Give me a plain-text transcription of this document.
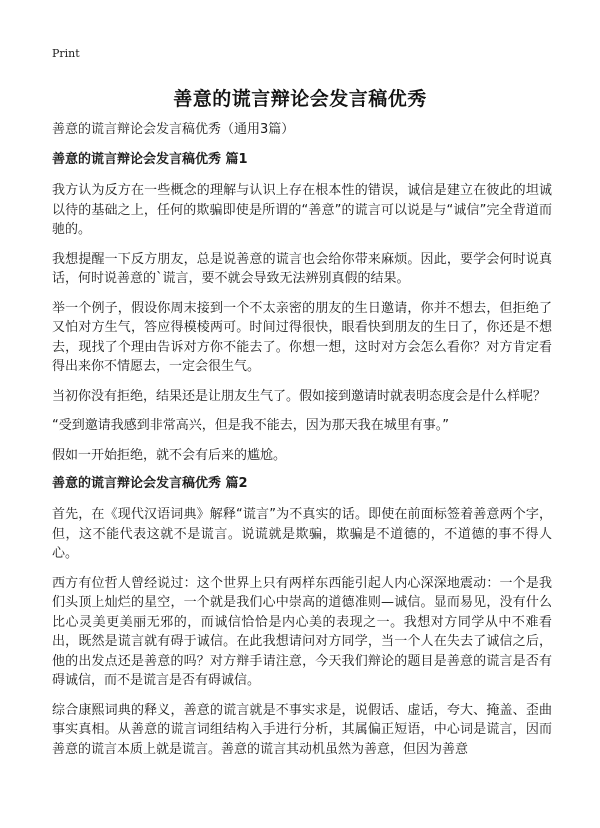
Print
善意的谎言辩论会发言稿优秀
善意的谎言辩论会发言稿优秀（通用3篇）
善意的谎言辩论会发言稿优秀 篇1

我方认为反方在一些概念的理解与认识上存在根本性的错误，诚信是建立在彼此的坦诚以待的基础之上，任何的欺骗即使是所谓的“善意”的谎言可以说是与“诚信”完全背道而驰的。

我想提醒一下反方朋友，总是说善意的谎言也会给你带来麻烦。因此，要学会何时说真话，何时说善意的`谎言，要不就会导致无法辨别真假的结果。

举一个例子，假设你周末接到一个不太亲密的朋友的生日邀请，你并不想去，但拒绝了又怕对方生气，答应得模棱两可。时间过得很快，眼看快到朋友的生日了，你还是不想去，现找了个理由告诉对方你不能去了。你想一想，这时对方会怎么看你？对方肯定看得出来你不情愿去，一定会很生气。

当初你没有拒绝，结果还是让朋友生气了。假如接到邀请时就表明态度会是什么样呢？

“受到邀请我感到非常高兴，但是我不能去，因为那天我在城里有事。”

假如一开始拒绝，就不会有后来的尴尬。

善意的谎言辩论会发言稿优秀 篇2

首先，在《现代汉语词典》解释“谎言”为不真实的话。即使在前面标签着善意两个字，但，这不能代表这就不是谎言。说谎就是欺骗，欺骗是不道德的，不道德的事不得人心。

西方有位哲人曾经说过：这个世界上只有两样东西能引起人内心深深地震动：一个是我们头顶上灿烂的星空，一个就是我们心中崇高的道德准则—诚信。显而易见，没有什么比心灵美更美丽无邪的，而诚信恰恰是内心美的表现之一。我想对方同学从中不难看出，既然是谎言就有碍于诚信。在此我想请问对方同学，当一个人在失去了诚信之后，他的出发点还是善意的吗？对方辩手请注意，今天我们辩论的题目是善意的谎言是否有碍诚信，而不是谎言是否有碍诚信。

综合康熙词典的释义，善意的谎言就是不事实求是，说假话、虚话，夸大、掩盖、歪曲事实真相。从善意的谎言词组结构入手进行分析，其属偏正短语，中心词是谎言，因而善意的谎言本质上就是谎言。善意的谎言其动机虽然为善意，但因为善意
